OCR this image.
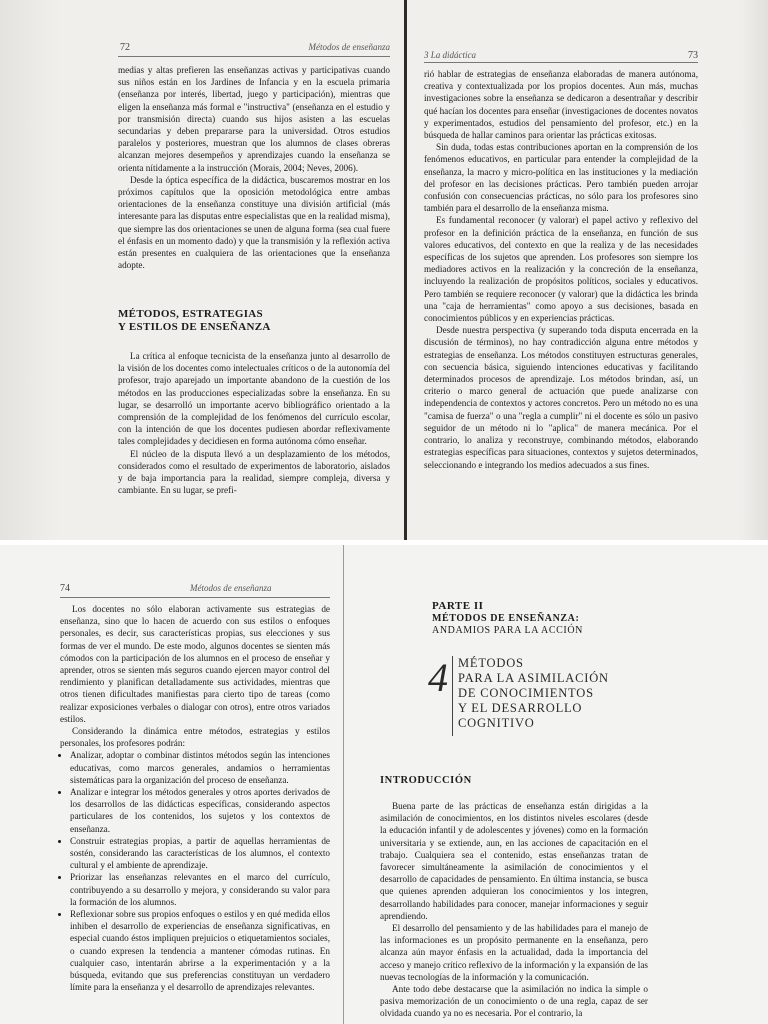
72	Métodos de enseñanza

medias y altas prefieren las enseñanzas activas y participativas cuando sus niños están en los Jardines de Infancia y en la escuela primaria (enseñanza por interés, libertad, juego y participación), mientras que eligen la enseñanza más formal e "instructiva" (enseñanza en el estudio y por transmisión directa) cuando sus hijos asisten a las escuelas secundarias y deben prepararse para la universidad. Otros estudios paralelos y posteriores, muestran que los alumnos de clases obreras alcanzan mejores desempeños y aprendizajes cuando la enseñanza se orienta nítidamente a la instrucción (Morais, 2004; Neves, 2006).

Desde la óptica específica de la didáctica, buscaremos mostrar en los próximos capítulos que la oposición metodológica entre ambas orientaciones de la enseñanza constituye una división artificial (más interesante para las disputas entre especialistas que en la realidad misma), que siempre las dos orientaciones se unen de alguna forma (sea cual fuere el énfasis en un momento dado) y que la transmisión y la reflexión activa están presentes en cualquiera de las orientaciones que la enseñanza adopte.

MÉTODOS, ESTRATEGIAS
Y ESTILOS DE ENSEÑANZA

La crítica al enfoque tecnicista de la enseñanza junto al desarrollo de la visión de los docentes como intelectuales críticos o de la autonomía del profesor, trajo aparejado un importante abandono de la cuestión de los métodos en las producciones especializadas sobre la enseñanza. En su lugar, se desarrolló un importante acervo bibliográfico orientado a la comprensión de la complejidad de los fenómenos del currículo escolar, con la intención de que los docentes pudiesen abordar reflexivamente tales complejidades y decidiesen en forma autónoma cómo enseñar.

El núcleo de la disputa llevó a un desplazamiento de los métodos, considerados como el resultado de experimentos de laboratorio, aislados y de baja importancia para la realidad, siempre compleja, diversa y cambiante. En su lugar, se prefi-

3 La didáctica	73

rió hablar de estrategias de enseñanza elaboradas de manera autónoma, creativa y contextualizada por los propios docentes. Aun más, muchas investigaciones sobre la enseñanza se dedicaron a desentrañar y describir qué hacían los docentes para enseñar (investigaciones de docentes novatos y experimentados, estudios del pensamiento del profesor, etc.) en la búsqueda de hallar caminos para orientar las prácticas exitosas.

Sin duda, todas estas contribuciones aportan en la comprensión de los fenómenos educativos, en particular para entender la complejidad de la enseñanza, la macro y micro-política en las instituciones y la mediación del profesor en las decisiones prácticas. Pero también pueden arrojar confusión con consecuencias prácticas, no sólo para los profesores sino también para el desarrollo de la enseñanza misma.

Es fundamental reconocer (y valorar) el papel activo y reflexivo del profesor en la definición práctica de la enseñanza, en función de sus valores educativos, del contexto en que la realiza y de las necesidades específicas de los sujetos que aprenden. Los profesores son siempre los mediadores activos en la realización y la concreción de la enseñanza, incluyendo la realización de propósitos políticos, sociales y educativos. Pero también se requiere reconocer (y valorar) que la didáctica les brinda una "caja de herramientas" como apoyo a sus decisiones, basada en conocimientos públicos y en experiencias prácticas.

Desde nuestra perspectiva (y superando toda disputa encerrada en la discusión de términos), no hay contradicción alguna entre métodos y estrategias de enseñanza. Los métodos constituyen estructuras generales, con secuencia básica, siguiendo intenciones educativas y facilitando determinados procesos de aprendizaje. Los métodos brindan, así, un criterio o marco general de actuación que puede analizarse con independencia de contextos y actores concretos. Pero un método no es una "camisa de fuerza" o una "regla a cumplir" ni el docente es sólo un pasivo seguidor de un método ni lo "aplica" de manera mecánica. Por el contrario, lo analiza y reconstruye, combinando métodos, elaborando estrategias específicas para situaciones, contextos y sujetos determinados, seleccionando e integrando los medios adecuados a sus fines.

74	Métodos de enseñanza

Los docentes no sólo elaboran activamente sus estrategias de enseñanza, sino que lo hacen de acuerdo con sus estilos o enfoques personales, es decir, sus características propias, sus elecciones y sus formas de ver el mundo. De este modo, algunos docentes se sienten más cómodos con la participación de los alumnos en el proceso de enseñar y aprender, otros se sienten más seguros cuando ejercen mayor control del rendimiento y planifican detalladamente sus actividades, mientras que otros tienen dificultades manifiestas para cierto tipo de tareas (como realizar exposiciones verbales o dialogar con otros), entre otros variados estilos.

Considerando la dinámica entre métodos, estrategias y estilos personales, los profesores podrán:

• Analizar, adoptar o combinar distintos métodos según las intenciones educativas, como marcos generales, andamios o herramientas sistemáticas para la organización del proceso de enseñanza.
• Analizar e integrar los métodos generales y otros aportes derivados de los desarrollos de las didácticas específicas, considerando aspectos particulares de los contenidos, los sujetos y los contextos de enseñanza.
• Construir estrategias propias, a partir de aquellas herramientas de sostén, considerando las características de los alumnos, el contexto cultural y el ambiente de aprendizaje.
• Priorizar las enseñanzas relevantes en el marco del currículo, contribuyendo a su desarrollo y mejora, y considerando su valor para la formación de los alumnos.
• Reflexionar sobre sus propios enfoques o estilos y en qué medida ellos inhiben el desarrollo de experiencias de enseñanza significativas, en especial cuando éstos impliquen prejuicios o etiquetamientos sociales, o cuando expresen la tendencia a mantener cómodas rutinas. En cualquier caso, intentarán abrirse a la experimentación y a la búsqueda, evitando que sus preferencias constituyan un verdadero límite para la enseñanza y el desarrollo de aprendizajes relevantes.
PARTE II
MÉTODOS DE ENSEÑANZA:
ANDAMIOS PARA LA ACCIÓN
4 MÉTODOS
PARA LA ASIMILACIÓN
DE CONOCIMIENTOS
Y EL DESARROLLO
COGNITIVO
INTRODUCCIÓN

Buena parte de las prácticas de enseñanza están dirigidas a la asimilación de conocimientos, en los distintos niveles escolares (desde la educación infantil y de adolescentes y jóvenes) como en la formación universitaria y se extiende, aun, en las acciones de capacitación en el trabajo. Cualquiera sea el contenido, estas enseñanzas tratan de favorecer simultáneamente la asimilación de conocimientos y el desarrollo de capacidades de pensamiento. En última instancia, se busca que quienes aprenden adquieran los conocimientos y los integren, desarrollando habilidades para conocer, manejar informaciones y seguir aprendiendo.

El desarrollo del pensamiento y de las habilidades para el manejo de las informaciones es un propósito permanente en la enseñanza, pero alcanza aún mayor énfasis en la actualidad, dada la importancia del acceso y manejo crítico reflexivo de la información y la expansión de las nuevas tecnologías de la información y la comunicación.

Ante todo debe destacarse que la asimilación no indica la simple o pasiva memorización de un conocimiento o de una regla, capaz de ser olvidada cuando ya no es necesaria. Por el contrario, la
